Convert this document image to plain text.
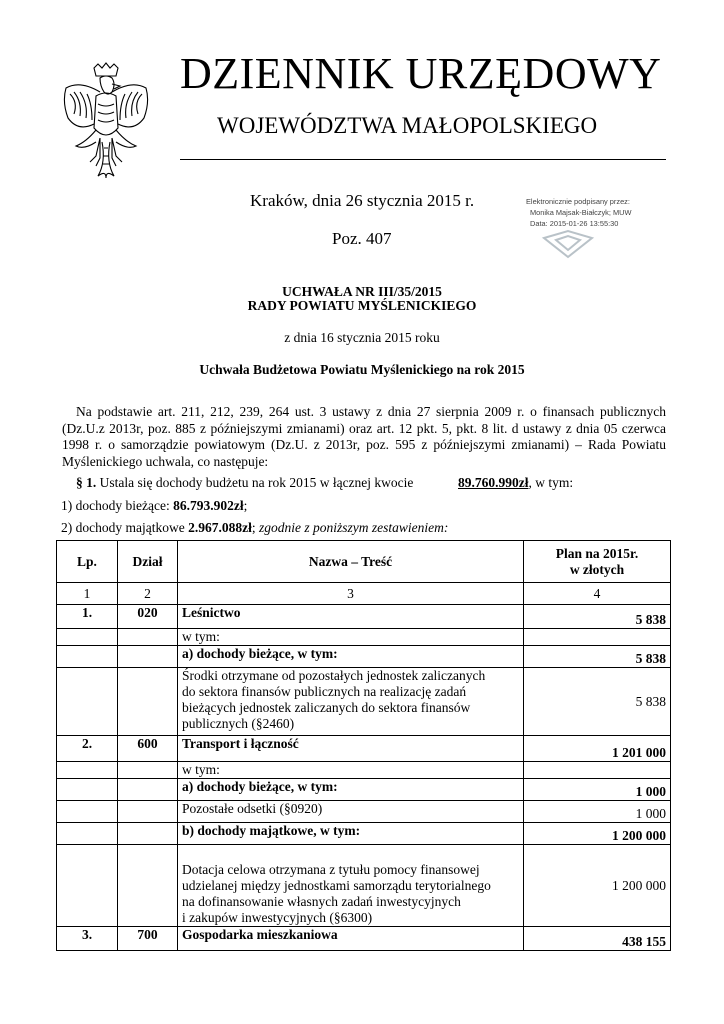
DZIENNIK URZĘDOWY
WOJEWÓDZTWA MAŁOPOLSKIEGO
Kraków, dnia 26 stycznia 2015 r.
Poz. 407
Elektronicznie podpisany przez:
Monika Majsak-Białczyk; MUW
Data: 2015-01-26 13:55:30
UCHWAŁA NR III/35/2015
RADY POWIATU MYŚLENICKIEGO
z dnia 16 stycznia 2015 roku
Uchwała Budżetowa Powiatu Myślenickiego na rok 2015

Na podstawie art. 211, 212, 239, 264 ust. 3 ustawy z dnia 27 sierpnia 2009 r. o finansach publicznych (Dz.U.z 2013r, poz. 885 z późniejszymi zmianami) oraz art. 12 pkt. 5, pkt. 8 lit. d ustawy z dnia 05 czerwca 1998 r. o samorządzie powiatowym (Dz.U. z 2013r, poz. 595 z późniejszymi zmianami) – Rada Powiatu Myślenickiego uchwala, co następuje:

§ 1. Ustala się dochody budżetu na rok 2015 w łącznej kwocie	89.760.990zł, w tym:
1) dochody bieżące: 86.793.902zł;
2) dochody majątkowe 2.967.088zł; zgodnie z poniższym zestawieniem:
Lp.	Dział	Nazwa – Treść	Plan na 2015r.
w złotych

1	2	3	4
1.	020	Leśnictwo	5 838
		w tym:	
		a) dochody bieżące, w tym:	5 838

		Środki otrzymane od pozostałych jednostek zaliczanych
do sektora finansów publicznych na realizację zadań
bieżących jednostek zaliczanych do sektora finansów
publicznych (§2460)	5 838
2.	600	Transport i łączność	1 201 000
		w tym:	
		a) dochody bieżące, w tym:	1 000
		Pozostałe odsetki (§0920)	1 000
		b) dochody majątkowe, w tym:	1 200 000

		Dotacja celowa otrzymana z tytułu pomocy finansowej
udzielanej między jednostkami samorządu terytorialnego
na dofinansowanie własnych zadań inwestycyjnych
i zakupów inwestycyjnych (§6300)	1 200 000
3.	700	Gospodarka mieszkaniowa	438 155
